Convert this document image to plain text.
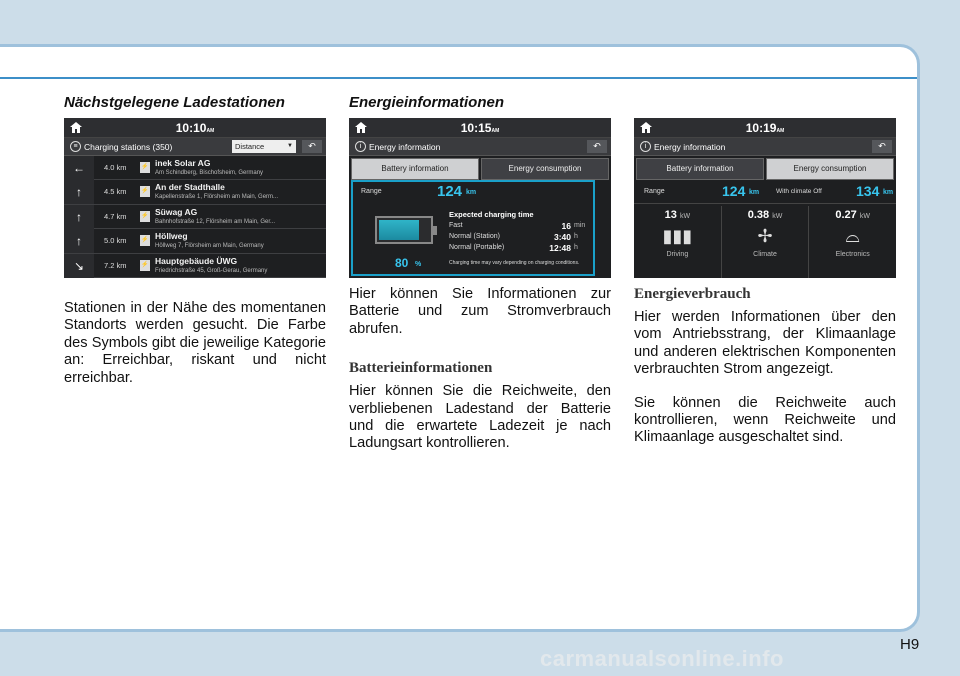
Nächstgelegene Ladestationen
10:10AM
≡ Charging stations (350)	Distance	▼	↶
←	4.0 km ⚡ inek Solar AG
Am Schindberg, Bischofsheim, Germany
↑	4.5 km ⚡ An der Stadthalle
Kapellenstraße 1, Flörsheim am Main, Germ...
↑	4.7 km ⚡ Süwag AG
Bahnhofstraße 12, Flörsheim am Main, Ger...
↑	5.0 km ⚡ Höllweg
Höllweg 7, Flörsheim am Main, Germany
↘	7.2 km ⚡ Hauptgebäude ÜWG
Friedrichstraße 45, Groß-Gerau, Germany
Stationen in der Nähe des momentanen Standorts werden gesucht. Die Farbe des Symbols gibt die jeweilige Kategorie an: Erreichbar, riskant und nicht erreichbar.
Energieinformationen
10:15AM
i Energy information	↶
Battery information	Energy consumption
Range	124 km
80 %
Expected charging time
Fast	16 min
Normal (Station)	3:40 h
Normal (Portable)	12:48 h
Charging time may vary depending on charging conditions.
Hier können Sie Informationen zur Batterie und zum Stromverbrauch abrufen.
Batterieinformationen
Hier können Sie die Reichweite, den verbliebenen Ladestand der Batterie und die erwartete Ladezeit je nach Ladungsart kontrollieren.
10:19AM
i Energy information	↶
Battery information	Energy consumption
Range	124 km	With climate Off 134 km
13 kW
▮▮▮
Driving
0.38 kW
✢
Climate
0.27 kW
⌓
Electronics
Energieverbrauch
Hier werden Informationen über den vom Antriebsstrang, der Klimaanlage und anderen elektrischen Komponenten verbrauchten Strom angezeigt.
Sie können die Reichweite auch kontrollieren, wenn Reichweite und Klimaanlage ausgeschaltet sind.
H9
carmanualsonline.info
